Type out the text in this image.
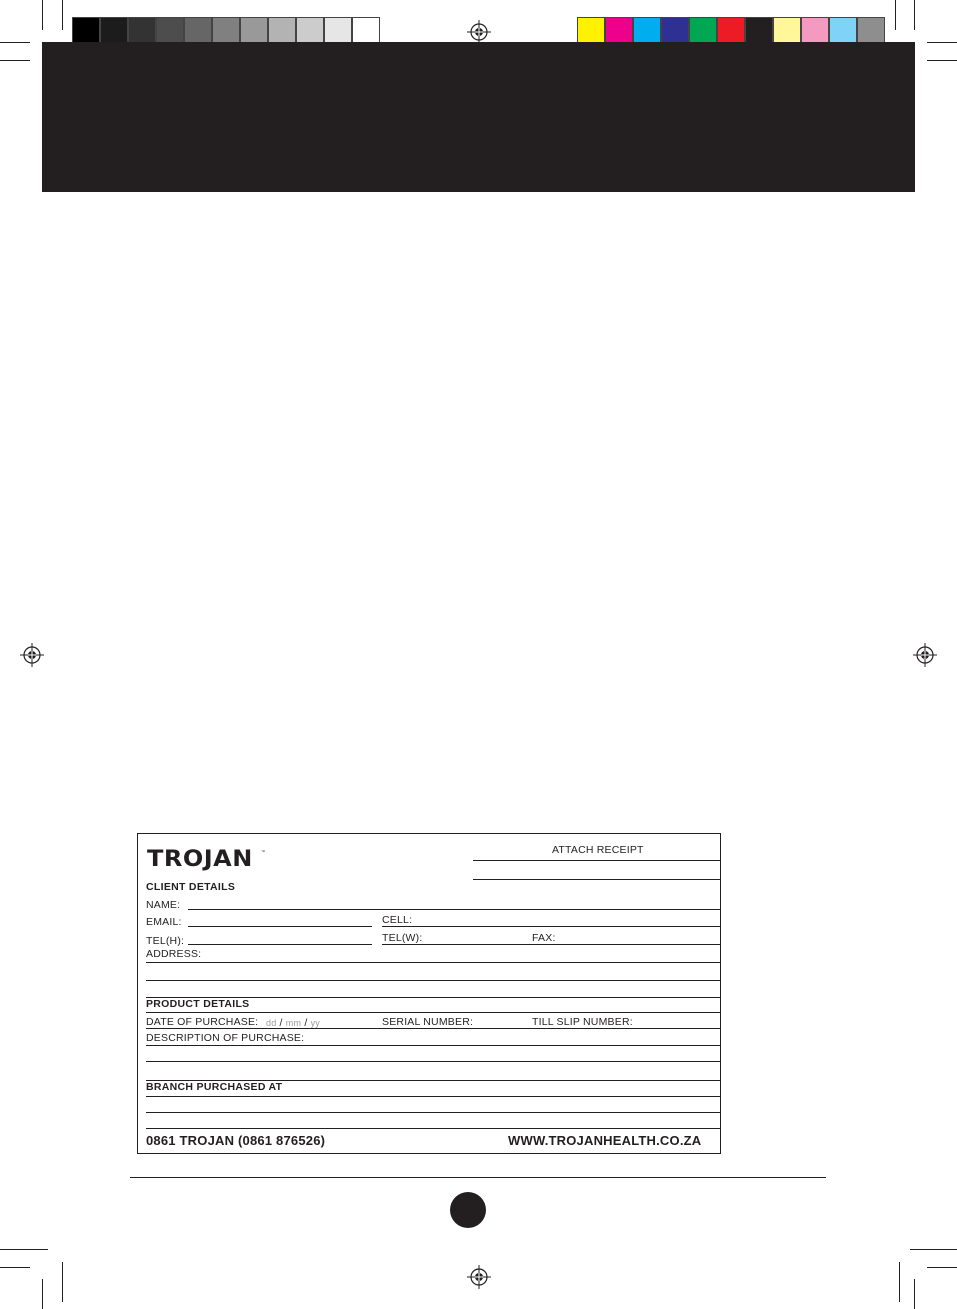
TROJAN ™	ATTACH RECEIPT
CLIENT DETAILS
NAME:
EMAIL:	CELL:
TEL(H):	TEL(W):	FAX:
ADDRESS:
PRODUCT DETAILS
DATE OF PURCHASE: dd / mm / yy	SERIAL NUMBER:	TILL SLIP NUMBER:
DESCRIPTION OF PURCHASE:
BRANCH PURCHASED AT
0861 TROJAN (0861 876526)	WWW.TROJANHEALTH.CO.ZA
